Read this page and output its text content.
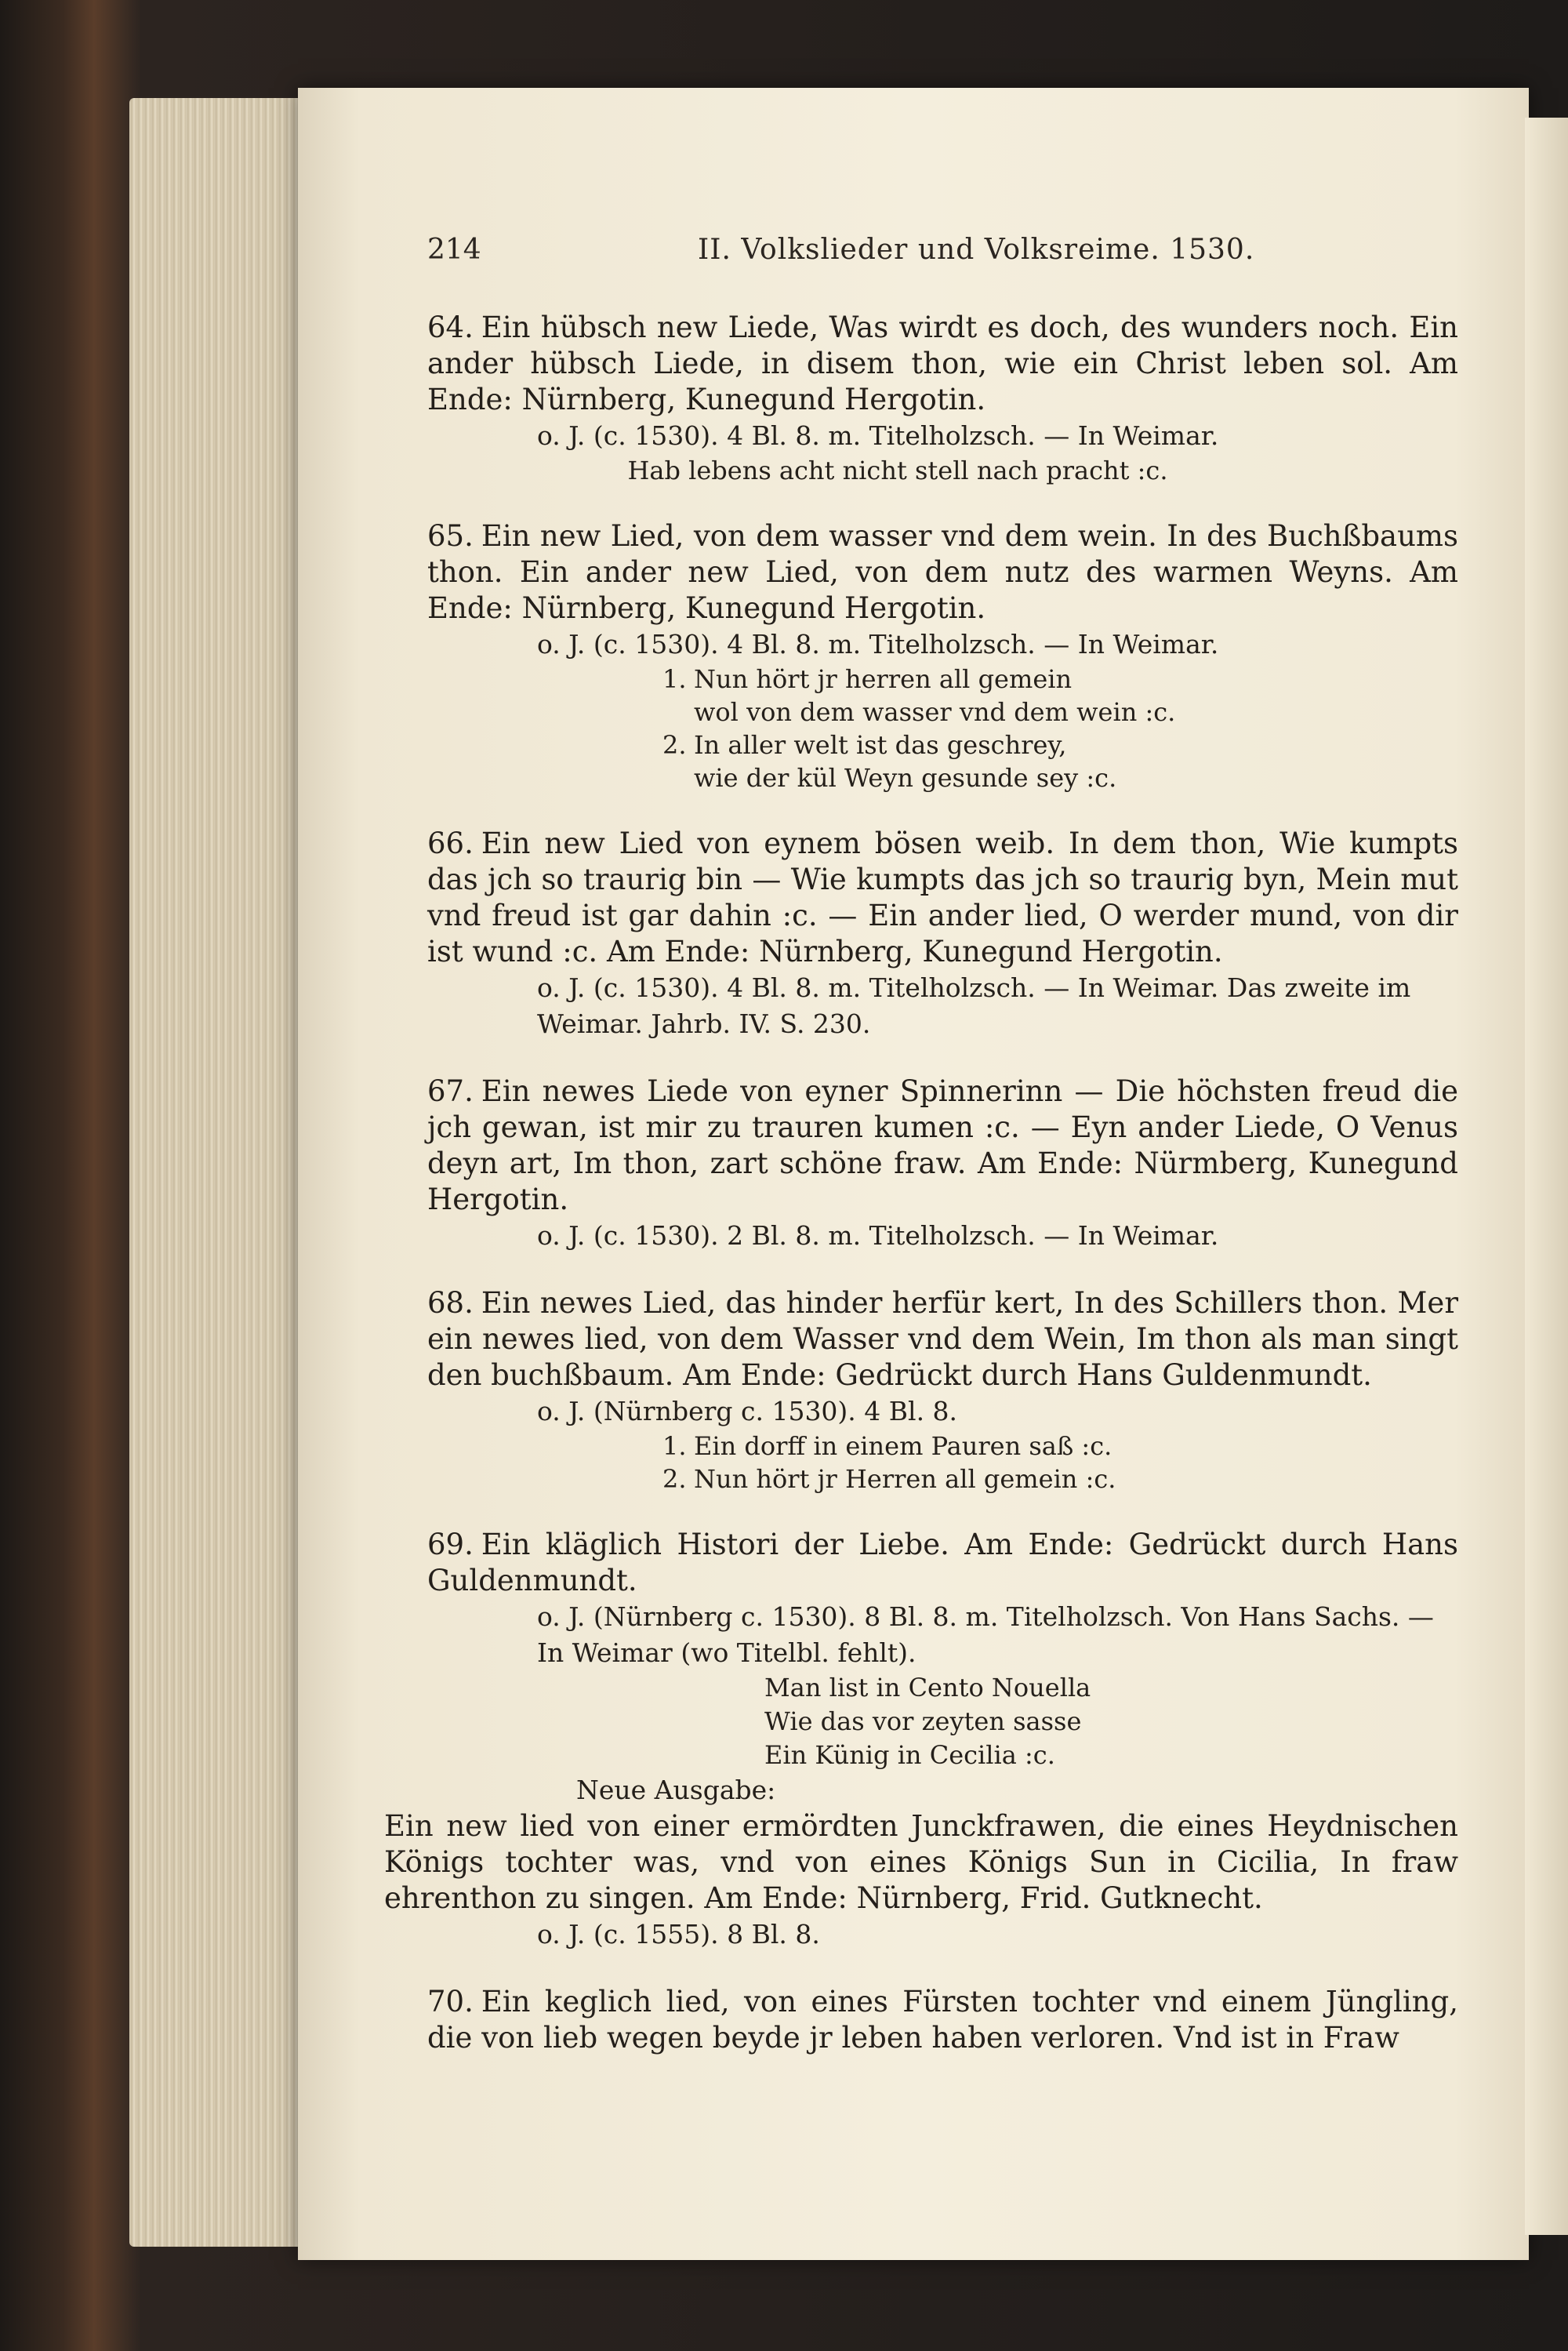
214	II. Volkslieder und Volksreime. 1530.

64. Ein hübsch new Liede, Was wirdt es doch, des wunders noch. Ein ander hübsch Liede, in disem thon, wie ein Christ leben sol. Am Ende: Nürnberg, Kunegund Hergotin.

o. J. (c. 1530). 4 Bl. 8. m. Titelholzsch. — In Weimar.

Hab lebens acht nicht stell nach pracht :c.

65. Ein new Lied, von dem wasser vnd dem wein. In des Buchßbaums thon. Ein ander new Lied, von dem nutz des warmen Weyns. Am Ende: Nürnberg, Kunegund Hergotin.

o. J. (c. 1530). 4 Bl. 8. m. Titelholzsch. — In Weimar.

1. Nun hört jr herren all gemein
wol von dem wasser vnd dem wein :c.
2. In aller welt ist das geschrey,
wie der kül Weyn gesunde sey :c.

66. Ein new Lied von eynem bösen weib. In dem thon, Wie kumpts das jch so traurig bin — Wie kumpts das jch so traurig byn, Mein mut vnd freud ist gar dahin :c. — Ein ander lied, O werder mund, von dir ist wund :c. Am Ende: Nürnberg, Kunegund Hergotin.

o. J. (c. 1530). 4 Bl. 8. m. Titelholzsch. — In Weimar. Das zweite im Weimar. Jahrb. IV. S. 230.

67. Ein newes Liede von eyner Spinnerinn — Die höchsten freud die jch gewan, ist mir zu trauren kumen :c. — Eyn ander Liede, O Venus deyn art, Im thon, zart schöne fraw. Am Ende: Nürmberg, Kunegund Hergotin.

o. J. (c. 1530). 2 Bl. 8. m. Titelholzsch. — In Weimar.

68. Ein newes Lied, das hinder herfür kert, In des Schillers thon. Mer ein newes lied, von dem Wasser vnd dem Wein, Im thon als man singt den buchßbaum. Am Ende: Gedrückt durch Hans Guldenmundt.

o. J. (Nürnberg c. 1530). 4 Bl. 8.

1. Ein dorff in einem Pauren saß :c.
2. Nun hört jr Herren all gemein :c.

69. Ein kläglich Histori der Liebe. Am Ende: Gedrückt durch Hans Guldenmundt.

o. J. (Nürnberg c. 1530). 8 Bl. 8. m. Titelholzsch. Von Hans Sachs. — In Weimar (wo Titelbl. fehlt).

Man list in Cento Nouella
Wie das vor zeyten sasse
Ein Künig in Cecilia :c.
Neue Ausgabe:

Ein new lied von einer ermördten Junckfrawen, die eines Heydnischen Königs tochter was, vnd von eines Königs Sun in Cicilia, In fraw ehrenthon zu singen. Am Ende: Nürnberg, Frid. Gutknecht.

o. J. (c. 1555). 8 Bl. 8.

70. Ein keglich lied, von eines Fürsten tochter vnd einem Jüngling, die von lieb wegen beyde jr leben haben verloren. Vnd ist in Fraw
